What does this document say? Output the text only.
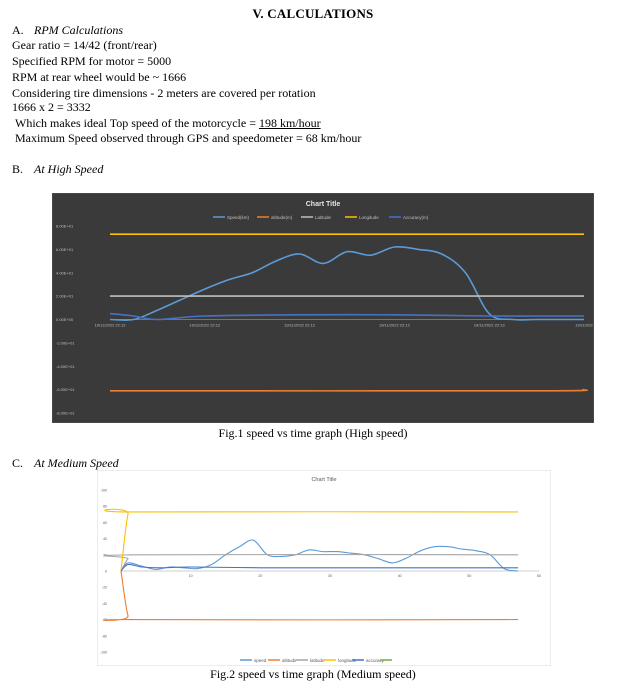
V. CALCULATIONS
A. RPM Calculations
Gear ratio = 14/42 (front/rear)
Specified RPM for motor = 5000
RPM at rear wheel would be ~ 1666
Considering tire dimensions - 2 meters are covered per rotation
1666 x 2 = 3332
Which makes ideal Top speed of the motorcycle = 198 km/hour
Maximum Speed observed through GPS and speedometer = 68 km/hour
B. At High Speed
Chart Title
Speed(km)	altitude(m)	Latitude	Longitude	Accuracy(m)
8.00E+01
6.00E+01
4.00E+01
2.00E+01
0.00E+00
-2.00E+01
-4.00E+01
-6.00E+01
-8.00E+01
19/11/2022 22:12	19/11/2022 22:12	19/11/2022 22:12	19/11/2022 22:12	19/11/2022 22:13	19/11/202
Fig.1 speed vs time graph (High speed)
C. At Medium Speed
Chart Title
speed	altitude	latitude	longitude accuracy
100
80
60
40
20
0
-20
-40
-60
-80
-100
10	20	30	40	50	60
Fig.2 speed vs time graph (Medium speed)
